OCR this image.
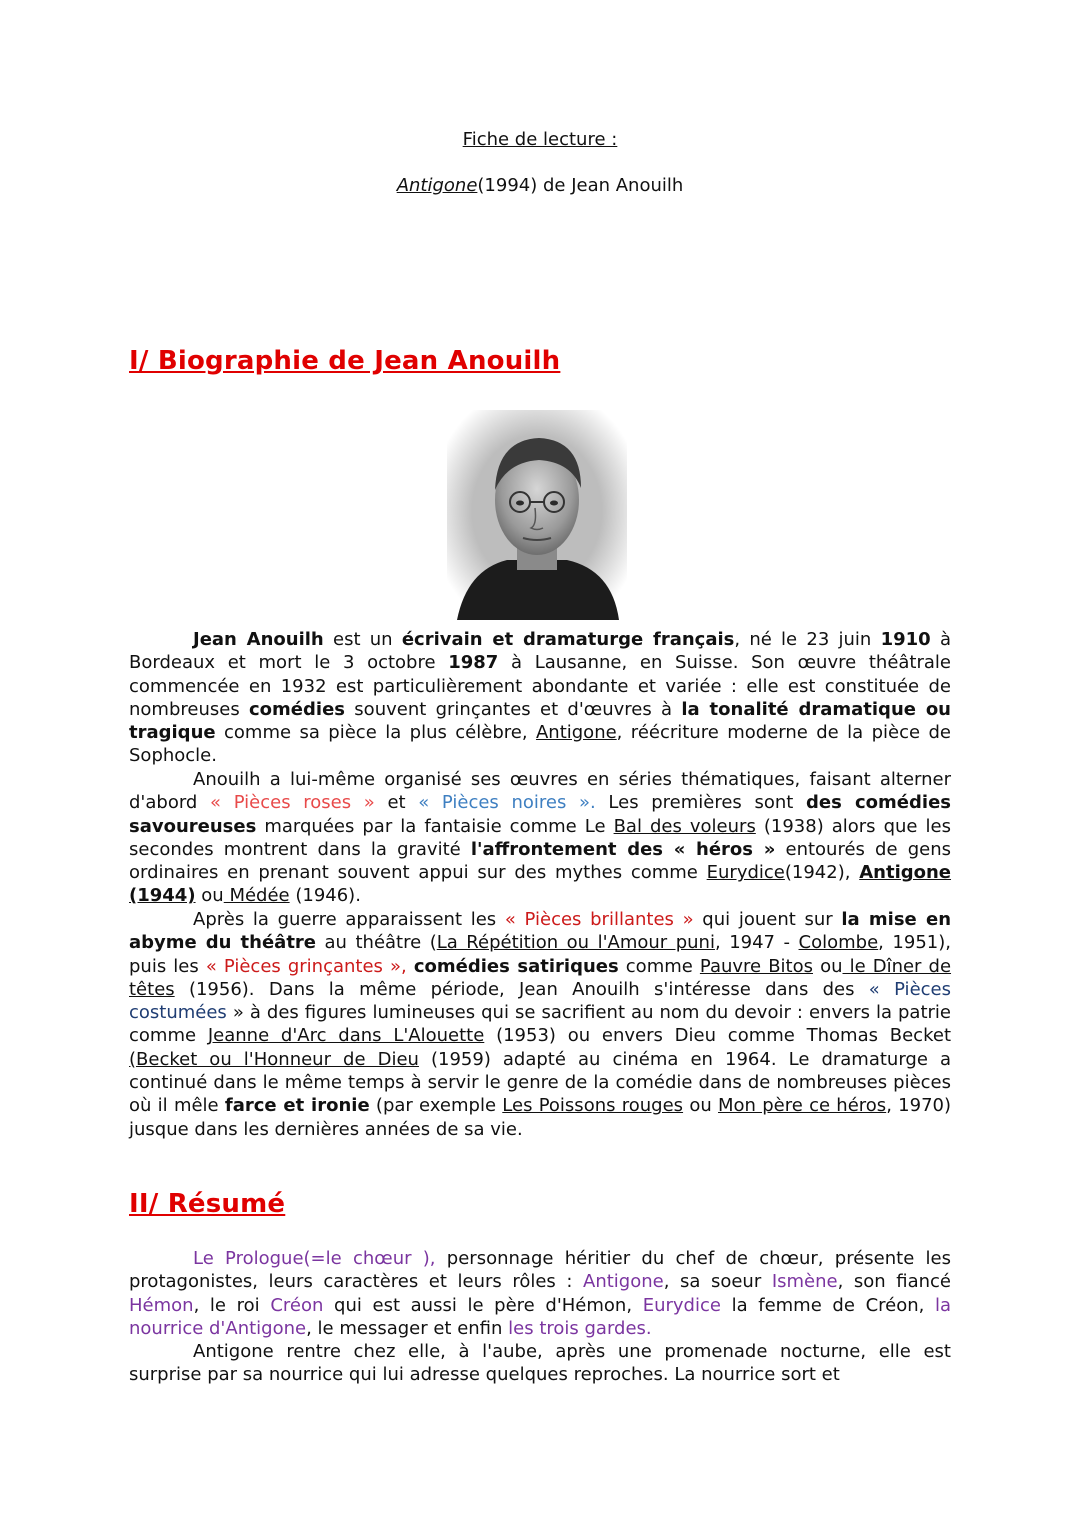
Fiche de lecture :
Antigone(1994) de Jean Anouilh
I/ Biographie de Jean Anouilh
Jean Anouilh est un écrivain et dramaturge français, né le 23 juin 1910 à Bordeaux et mort le 3 octobre 1987 à Lausanne, en Suisse. Son œuvre théâtrale commencée en 1932 est particulièrement abondante et variée : elle est constituée de nombreuses comédies souvent grinçantes et d'œuvres à la tonalité dramatique ou tragique comme sa pièce la plus célèbre, Antigone, réécriture moderne de la pièce de Sophocle.
Anouilh a lui-même organisé ses œuvres en séries thématiques, faisant alterner d'abord « Pièces roses » et « Pièces noires ». Les premières sont des comédies savoureuses marquées par la fantaisie comme Le Bal des voleurs (1938) alors que les secondes montrent dans la gravité l'affrontement des « héros » entourés de gens ordinaires en prenant souvent appui sur des mythes comme Eurydice(1942), Antigone (1944) ou Médée (1946).
Après la guerre apparaissent les « Pièces brillantes » qui jouent sur la mise en abyme du théâtre au théâtre (La Répétition ou l'Amour puni, 1947 - Colombe, 1951), puis les « Pièces grinçantes », comédies satiriques comme Pauvre Bitos ou le Dîner de têtes (1956). Dans la même période, Jean Anouilh s'intéresse dans des « Pièces costumées » à des figures lumineuses qui se sacrifient au nom du devoir : envers la patrie comme Jeanne d'Arc dans L'Alouette (1953) ou envers Dieu comme Thomas Becket (Becket ou l'Honneur de Dieu (1959) adapté au cinéma en 1964. Le dramaturge a continué dans le même temps à servir le genre de la comédie dans de nombreuses pièces où il mêle farce et ironie (par exemple Les Poissons rouges ou Mon père ce héros, 1970) jusque dans les dernières années de sa vie.
II/ Résumé
Le Prologue(=le chœur ), personnage héritier du chef de chœur, présente les protagonistes, leurs caractères et leurs rôles : Antigone, sa soeur Ismène, son fiancé Hémon, le roi Créon qui est aussi le père d'Hémon, Eurydice la femme de Créon, la nourrice d'Antigone, le messager et enfin les trois gardes.
Antigone rentre chez elle, à l'aube, après une promenade nocturne, elle est surprise par sa nourrice qui lui adresse quelques reproches. La nourrice sort et
